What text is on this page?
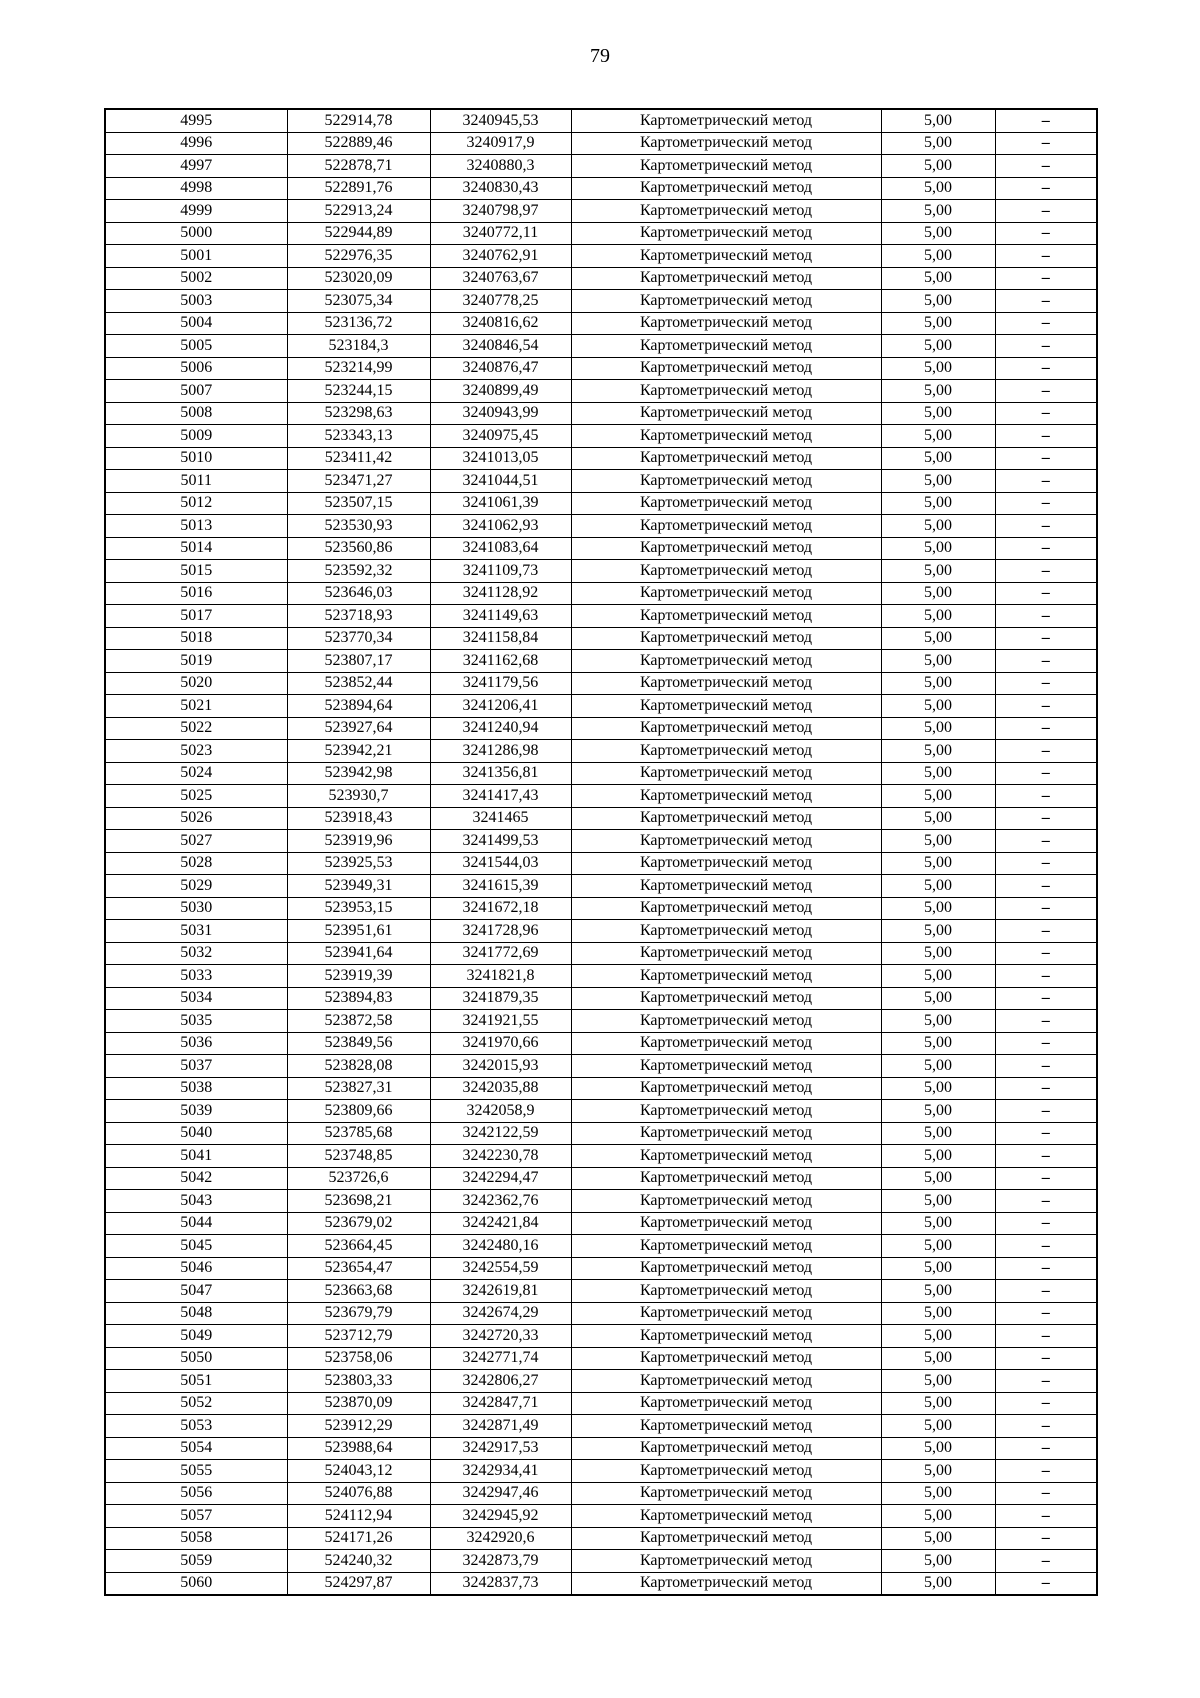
79
4995	522914,78	3240945,53	Картометрический метод	5,00	–
4996	522889,46	3240917,9	Картометрический метод	5,00	–
4997	522878,71	3240880,3	Картометрический метод	5,00	–
4998	522891,76	3240830,43	Картометрический метод	5,00	–
4999	522913,24	3240798,97	Картометрический метод	5,00	–
5000	522944,89	3240772,11	Картометрический метод	5,00	–
5001	522976,35	3240762,91	Картометрический метод	5,00	–
5002	523020,09	3240763,67	Картометрический метод	5,00	–
5003	523075,34	3240778,25	Картометрический метод	5,00	–
5004	523136,72	3240816,62	Картометрический метод	5,00	–
5005	523184,3	3240846,54	Картометрический метод	5,00	–
5006	523214,99	3240876,47	Картометрический метод	5,00	–
5007	523244,15	3240899,49	Картометрический метод	5,00	–
5008	523298,63	3240943,99	Картометрический метод	5,00	–
5009	523343,13	3240975,45	Картометрический метод	5,00	–
5010	523411,42	3241013,05	Картометрический метод	5,00	–
5011	523471,27	3241044,51	Картометрический метод	5,00	–
5012	523507,15	3241061,39	Картометрический метод	5,00	–
5013	523530,93	3241062,93	Картометрический метод	5,00	–
5014	523560,86	3241083,64	Картометрический метод	5,00	–
5015	523592,32	3241109,73	Картометрический метод	5,00	–
5016	523646,03	3241128,92	Картометрический метод	5,00	–
5017	523718,93	3241149,63	Картометрический метод	5,00	–
5018	523770,34	3241158,84	Картометрический метод	5,00	–
5019	523807,17	3241162,68	Картометрический метод	5,00	–
5020	523852,44	3241179,56	Картометрический метод	5,00	–
5021	523894,64	3241206,41	Картометрический метод	5,00	–
5022	523927,64	3241240,94	Картометрический метод	5,00	–
5023	523942,21	3241286,98	Картометрический метод	5,00	–
5024	523942,98	3241356,81	Картометрический метод	5,00	–
5025	523930,7	3241417,43	Картометрический метод	5,00	–
5026	523918,43	3241465	Картометрический метод	5,00	–
5027	523919,96	3241499,53	Картометрический метод	5,00	–
5028	523925,53	3241544,03	Картометрический метод	5,00	–
5029	523949,31	3241615,39	Картометрический метод	5,00	–
5030	523953,15	3241672,18	Картометрический метод	5,00	–
5031	523951,61	3241728,96	Картометрический метод	5,00	–
5032	523941,64	3241772,69	Картометрический метод	5,00	–
5033	523919,39	3241821,8	Картометрический метод	5,00	–
5034	523894,83	3241879,35	Картометрический метод	5,00	–
5035	523872,58	3241921,55	Картометрический метод	5,00	–
5036	523849,56	3241970,66	Картометрический метод	5,00	–
5037	523828,08	3242015,93	Картометрический метод	5,00	–
5038	523827,31	3242035,88	Картометрический метод	5,00	–
5039	523809,66	3242058,9	Картометрический метод	5,00	–
5040	523785,68	3242122,59	Картометрический метод	5,00	–
5041	523748,85	3242230,78	Картометрический метод	5,00	–
5042	523726,6	3242294,47	Картометрический метод	5,00	–
5043	523698,21	3242362,76	Картометрический метод	5,00	–
5044	523679,02	3242421,84	Картометрический метод	5,00	–
5045	523664,45	3242480,16	Картометрический метод	5,00	–
5046	523654,47	3242554,59	Картометрический метод	5,00	–
5047	523663,68	3242619,81	Картометрический метод	5,00	–
5048	523679,79	3242674,29	Картометрический метод	5,00	–
5049	523712,79	3242720,33	Картометрический метод	5,00	–
5050	523758,06	3242771,74	Картометрический метод	5,00	–
5051	523803,33	3242806,27	Картометрический метод	5,00	–
5052	523870,09	3242847,71	Картометрический метод	5,00	–
5053	523912,29	3242871,49	Картометрический метод	5,00	–
5054	523988,64	3242917,53	Картометрический метод	5,00	–
5055	524043,12	3242934,41	Картометрический метод	5,00	–
5056	524076,88	3242947,46	Картометрический метод	5,00	–
5057	524112,94	3242945,92	Картометрический метод	5,00	–
5058	524171,26	3242920,6	Картометрический метод	5,00	–
5059	524240,32	3242873,79	Картометрический метод	5,00	–
5060	524297,87	3242837,73	Картометрический метод	5,00	–
